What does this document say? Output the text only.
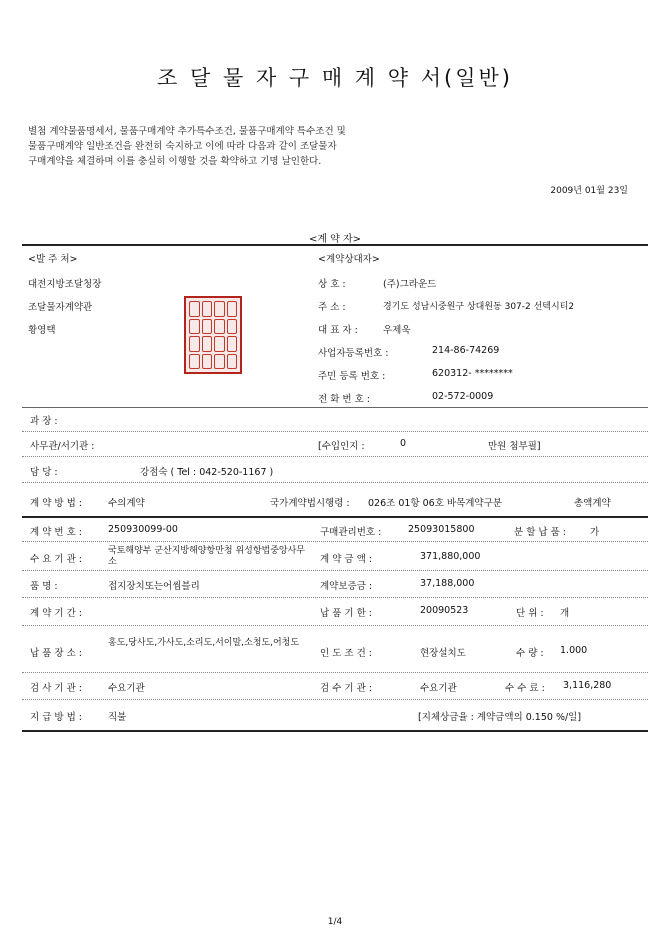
조 달 물 자 구 매 계 약 서(일반)
별첨 계약물품명세서, 물품구매계약 추가특수조건, 물품구매계약 특수조건 및
물품구매계약 일반조건을 완전히 숙지하고 이에 따라 다음과 같이 조달물자
구매계약을 체결하며 이를 충실히 이행할 것을 확약하고 기명 날인한다.
2009년 01월 23일
<계 약 자>
<발 주 처>
대전지방조달청장
조달물자계약관
황영택
<계약상대자>
상 호 :	(주)그라운드
주 소 :	경기도 성남시중원구 상대원동 307-2 선텍시티2
대 표 자 :	우제욱
사업자등록번호 :	214-86-74269
주민 등록 번호 :	620312- ********
전 화 번 호 :	02-572-0009
과 장 :
사무관/서기관 :	[수입인지 :	0	만원 첨부필]
담 당 :	강점숙 ( Tel : 042-520-1167 )
계 약 방 법 :	수의계약	국가계약법시행령 : 026조 01항 06호 바목계약구분	총액계약
계 약 번 호 :	250930099-00	구매관리번호 :	25093015800	분 할 납 품 :	가
수 요 기 관 :
국토해양부 군산지방해양항만청 위성항법중앙사무소	계 약 금 액 :	371,880,000
품 명 :	접지장치또는어씸블리	계약보증금 :	37,188,000
계 약 기 간 :	납 품 기 한 :	20090523	단 위 : 개
납 품 장 소 :
홍도,당사도,가사도,소리도,서이말,소청도,어청도
인 도 조 건 :	현장설치도	수 량 : 1.000
검 사 기 관 :	수요기관	검 수 기 관 :	수요기관	수 수 료 : 3,116,280
지 급 방 법 :	직불	[지체상금율 : 계약금액의 0.150 %/일]
1/4
